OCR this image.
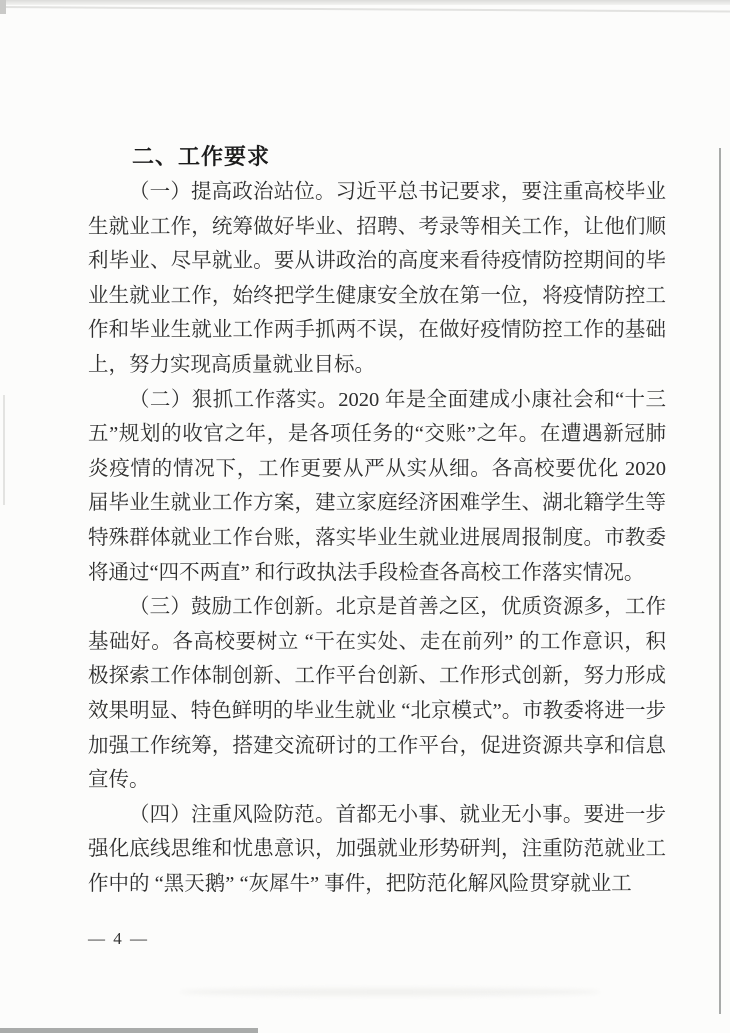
二、工作要求

（一）提高政治站位。习近平总书记要求，要注重高校毕业生就业工作，统筹做好毕业、招聘、考录等相关工作，让他们顺利毕业、尽早就业。要从讲政治的高度来看待疫情防控期间的毕业生就业工作，始终把学生健康安全放在第一位，将疫情防控工作和毕业生就业工作两手抓两不误，在做好疫情防控工作的基础上，努力实现高质量就业目标。

（二）狠抓工作落实。2020 年是全面建成小康社会和“十三五”规划的收官之年，是各项任务的“交账”之年。在遭遇新冠肺炎疫情的情况下，工作更要从严从实从细。各高校要优化 2020 届毕业生就业工作方案，建立家庭经济困难学生、湖北籍学生等特殊群体就业工作台账，落实毕业生就业进展周报制度。市教委将通过“四不两直” 和行政执法手段检查各高校工作落实情况。

（三）鼓励工作创新。北京是首善之区，优质资源多，工作基础好。各高校要树立 “干在实处、走在前列” 的工作意识，积极探索工作体制创新、工作平台创新、工作形式创新，努力形成效果明显、特色鲜明的毕业生就业 “北京模式”。市教委将进一步加强工作统筹，搭建交流研讨的工作平台，促进资源共享和信息宣传。

（四）注重风险防范。首都无小事、就业无小事。要进一步强化底线思维和忧患意识，加强就业形势研判，注重防范就业工作中的 “黑天鹅” “灰犀牛” 事件，把防范化解风险贯穿就业工

— 4 —
